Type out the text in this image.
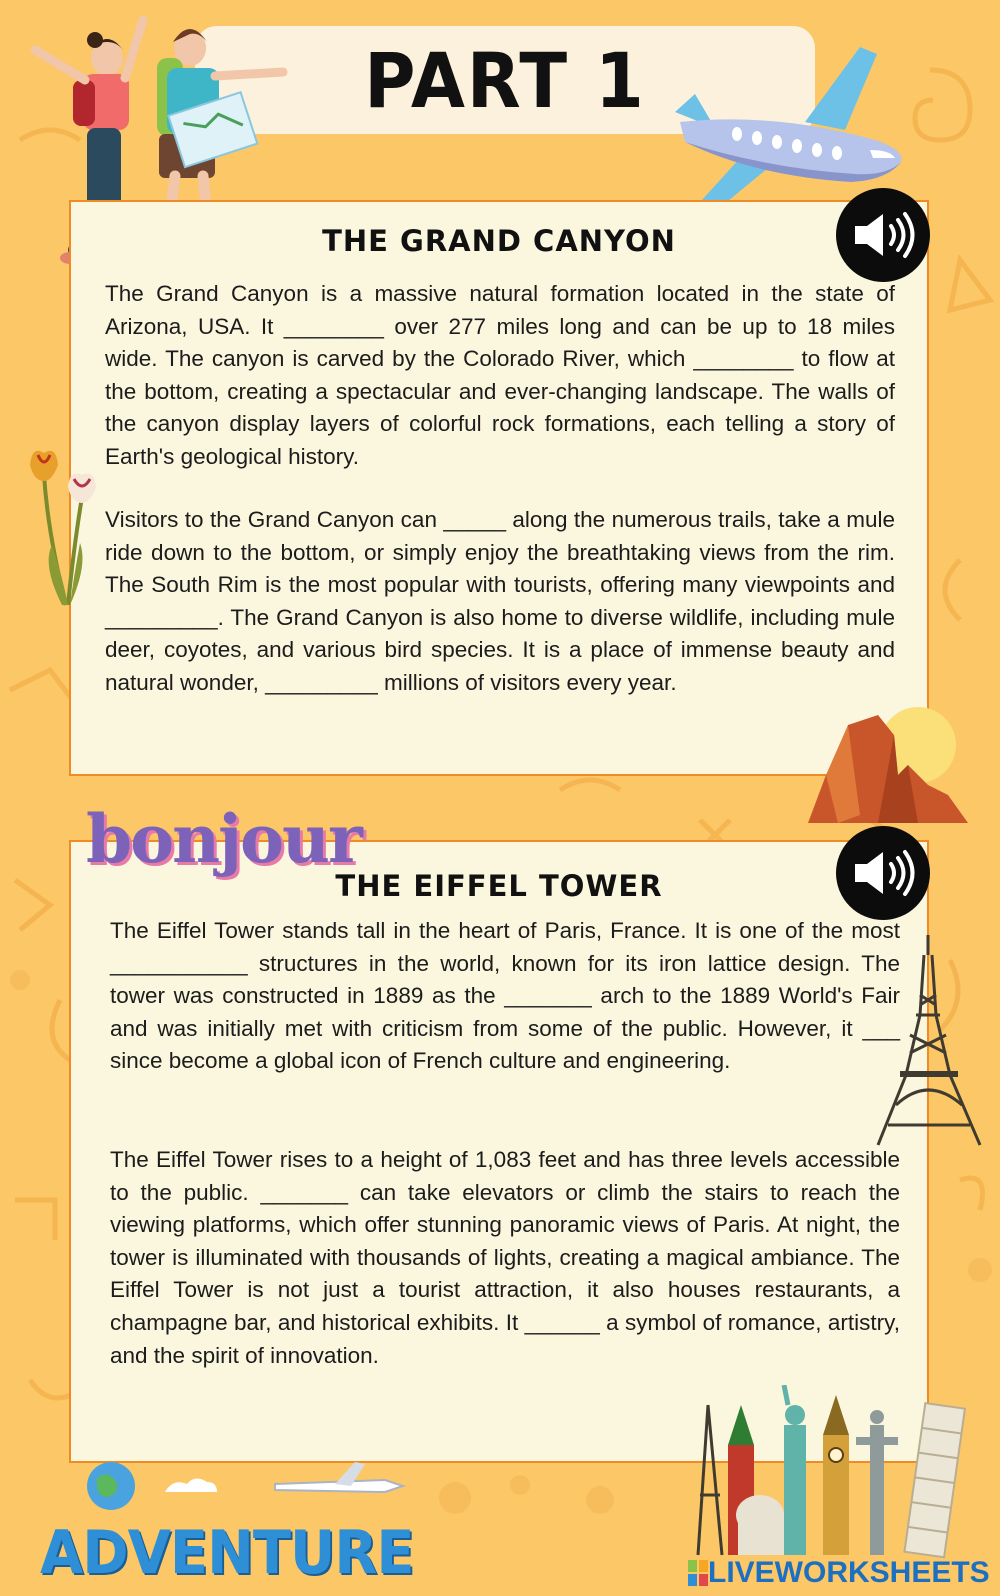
PART 1
THE GRAND CANYON

The Grand Canyon is a massive natural formation located in the state of Arizona, USA. It ________ over 277 miles long and can be up to 18 miles wide. The canyon is carved by the Colorado River, which ________ to flow at the bottom, creating a spectacular and ever-changing landscape. The walls of the canyon display layers of colorful rock formations, each telling a story of Earth's geological history.

Visitors to the Grand Canyon can _____ along the numerous trails, take a mule ride down to the bottom, or simply enjoy the breathtaking views from the rim. The South Rim is the most popular with tourists, offering many viewpoints and _________. The Grand Canyon is also home to diverse wildlife, including mule deer, coyotes, and various bird species. It is a place of immense beauty and natural wonder, _________ millions of visitors every year.

THE EIFFEL TOWER

The Eiffel Tower stands tall in the heart of Paris, France. It is one of the most ___________ structures in the world, known for its iron lattice design. The tower was constructed in 1889 as the _______ arch to the 1889 World's Fair and was initially met with criticism from some of the public. However, it ___ since become a global icon of French culture and engineering.

The Eiffel Tower rises to a height of 1,083 feet and has three levels accessible to the public. _______ can take elevators or climb the stairs to reach the viewing platforms, which offer stunning panoramic views of Paris. At night, the tower is illuminated with thousands of lights, creating a magical ambiance. The Eiffel Tower is not just a tourist attraction, it also houses restaurants, a champagne bar, and historical exhibits. It ______ a symbol of romance, artistry, and the spirit of innovation.

bonjour

ADVENTURE	LIVEWORKSHEETS
